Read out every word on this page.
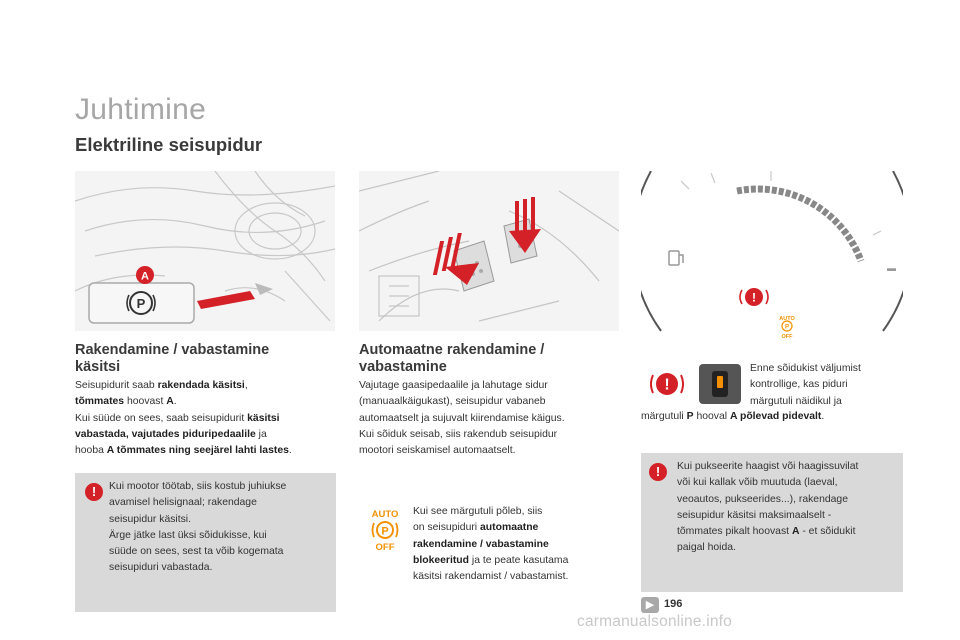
Juhtimine
Elektriline seisupidur
P
A
▬
!
AUTO
P
OFF
Rakendamine / vabastamine
käsitsi
Seisupidurit saab rakendada käsitsi,
tõmmates hoovast A.
Kui süüde on sees, saab seisupidurit käsitsi
vabastada, vajutades piduripedaalile ja
hooba A tõmmates ning seejärel lahti lastes.
!	Kui mootor töötab, siis kostub juhiukse
avamisel helisignaal; rakendage
seisupidur käsitsi.
Ärge jätke last üksi sõidukisse, kui
süüde on sees, sest ta võib kogemata
seisupiduri vabastada.
Automaatne rakendamine /
vabastamine
Vajutage gaasipedaalile ja lahutage sidur
(manuaalkäigukast), seisupidur vabaneb
automaatselt ja sujuvalt kiirendamise käigus.
Kui sõiduk seisab, siis rakendub seisupidur
mootori seiskamisel automaatselt.
AUTO
P
OFF
Kui see märgutuli põleb, siis
on seisupiduri automaatne
rakendamine / vabastamine
blokeeritud ja te peate kasutama
käsitsi rakendamist / vabastamist.
!
Enne sõidukist väljumist
kontrollige, kas piduri
märgutuli näidikul ja
märgutuli P hooval A põlevad pidevalt.
!	Kui pukseerite haagist või haagissuvilat
või kui kallak võib muutuda (laeval,
veoautos, pukseerides...), rakendage
seisupidur käsitsi maksimaalselt -
tõmmates pikalt hoovast A - et sõidukit
paigal hoida.
▶ 196
carmanualsonline.info
